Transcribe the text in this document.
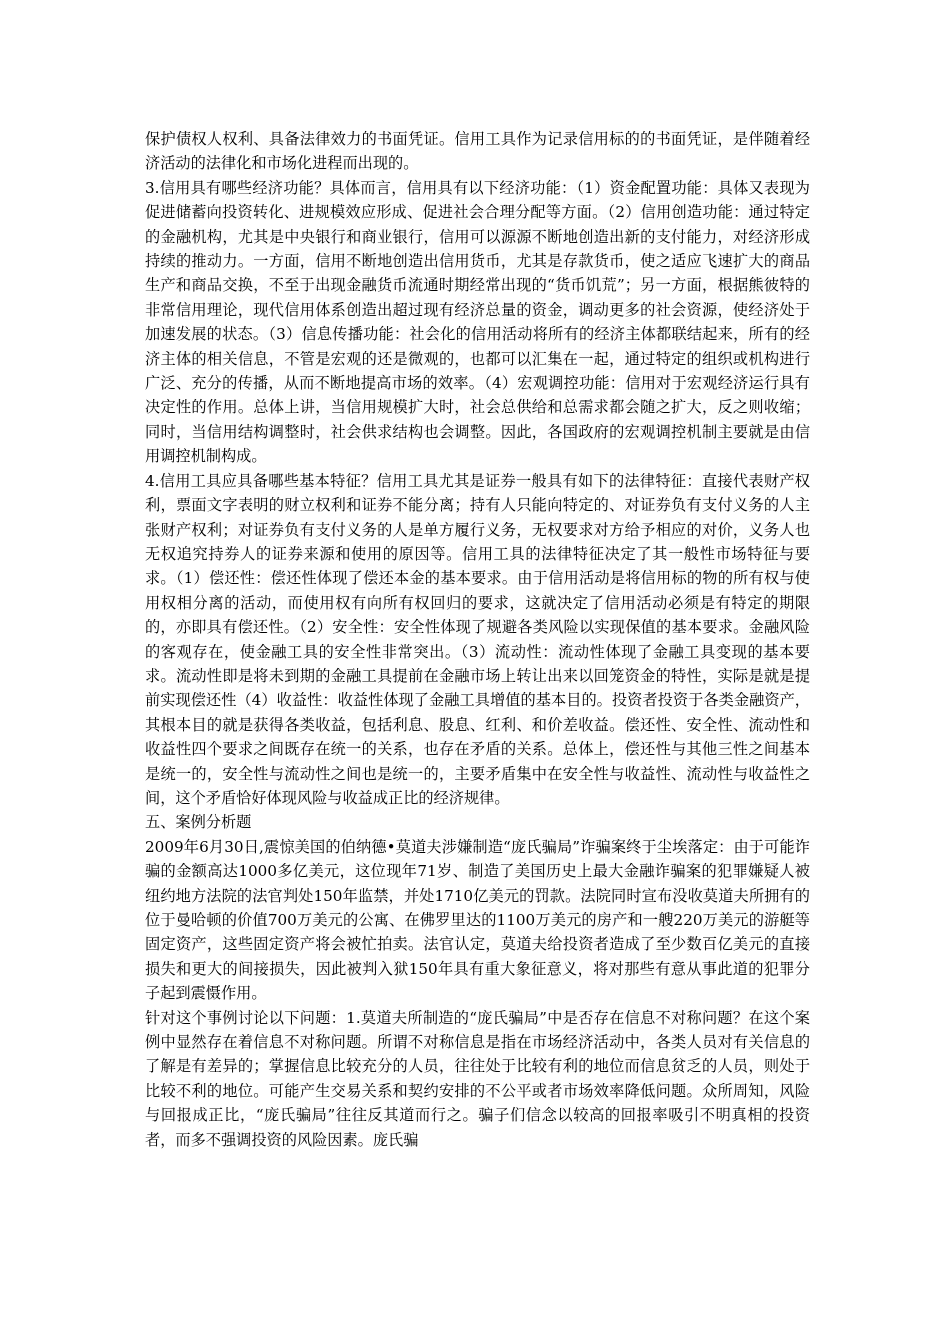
保护债权人权利、具备法律效力的书面凭证。信用工具作为记录信用标的的书面凭证，是伴随着经济活动的法律化和市场化进程而出现的。

3.信用具有哪些经济功能？具体而言，信用具有以下经济功能：（1）资金配置功能：具体又表现为促进储蓄向投资转化、进规模效应形成、促进社会合理分配等方面。（2）信用创造功能：通过特定的金融机构，尤其是中央银行和商业银行，信用可以源源不断地创造出新的支付能力，对经济形成持续的推动力。一方面，信用不断地创造出信用货币，尤其是存款货币，使之适应飞速扩大的商品生产和商品交换，不至于出现金融货币流通时期经常出现的“货币饥荒”；另一方面，根据熊彼特的非常信用理论，现代信用体系创造出超过现有经济总量的资金，调动更多的社会资源，使经济处于加速发展的状态。（3）信息传播功能：社会化的信用活动将所有的经济主体都联结起来，所有的经济主体的相关信息，不管是宏观的还是微观的，也都可以汇集在一起，通过特定的组织或机构进行广泛、充分的传播，从而不断地提高市场的效率。（4）宏观调控功能：信用对于宏观经济运行具有决定性的作用。总体上讲，当信用规模扩大时，社会总供给和总需求都会随之扩大，反之则收缩；同时，当信用结构调整时，社会供求结构也会调整。因此，各国政府的宏观调控机制主要就是由信用调控机制构成。

4.信用工具应具备哪些基本特征？信用工具尤其是证券一般具有如下的法律特征：直接代表财产权利，票面文字表明的财立权利和证券不能分离；持有人只能向特定的、对证券负有支付义务的人主张财产权利；对证券负有支付义务的人是单方履行义务，无权要求对方给予相应的对价，义务人也无权追究持券人的证券来源和使用的原因等。信用工具的法律特征决定了其一般性市场特征与要求。（1）偿还性：偿还性体现了偿还本金的基本要求。由于信用活动是将信用标的物的所有权与使用权相分离的活动，而使用权有向所有权回归的要求，这就决定了信用活动必须是有特定的期限的，亦即具有偿还性。（2）安全性：安全性体现了规避各类风险以实现保值的基本要求。金融风险的客观存在，使金融工具的安全性非常突出。（3）流动性：流动性体现了金融工具变现的基本要求。流动性即是将未到期的金融工具提前在金融市场上转让出来以回笼资金的特性，实际是就是提前实现偿还性（4）收益性：收益性体现了金融工具增值的基本目的。投资者投资于各类金融资产，其根本目的就是获得各类收益，包括利息、股息、红利、和价差收益。偿还性、安全性、流动性和收益性四个要求之间既存在统一的关系，也存在矛盾的关系。总体上，偿还性与其他三性之间基本是统一的，安全性与流动性之间也是统一的，主要矛盾集中在安全性与收益性、流动性与收益性之间，这个矛盾恰好体现风险与收益成正比的经济规律。

五、案例分析题

2009年6月30日,震惊美国的伯纳德•莫道夫涉嫌制造“庞氏骗局”诈骗案终于尘埃落定：由于可能诈骗的金额高达1000多亿美元，这位现年71岁、制造了美国历史上最大金融诈骗案的犯罪嫌疑人被纽约地方法院的法官判处150年监禁，并处1710亿美元的罚款。法院同时宣布没收莫道夫所拥有的位于曼哈顿的价值700万美元的公寓、在佛罗里达的1100万美元的房产和一艘220万美元的游艇等固定资产，这些固定资产将会被忙拍卖。法官认定，莫道夫给投资者造成了至少数百亿美元的直接损失和更大的间接损失，因此被判入狱150年具有重大象征意义，将对那些有意从事此道的犯罪分子起到震慑作用。

针对这个事例讨论以下问题：1.莫道夫所制造的“庞氏骗局”中是否存在信息不对称问题？在这个案例中显然存在着信息不对称问题。所谓不对称信息是指在市场经济活动中，各类人员对有关信息的了解是有差异的；掌握信息比较充分的人员，往往处于比较有利的地位而信息贫乏的人员，则处于比较不利的地位。可能产生交易关系和契约安排的不公平或者市场效率降低问题。众所周知，风险与回报成正比，“庞氏骗局”往往反其道而行之。骗子们信念以较高的回报率吸引不明真相的投资者，而多不强调投资的风险因素。庞氏骗
